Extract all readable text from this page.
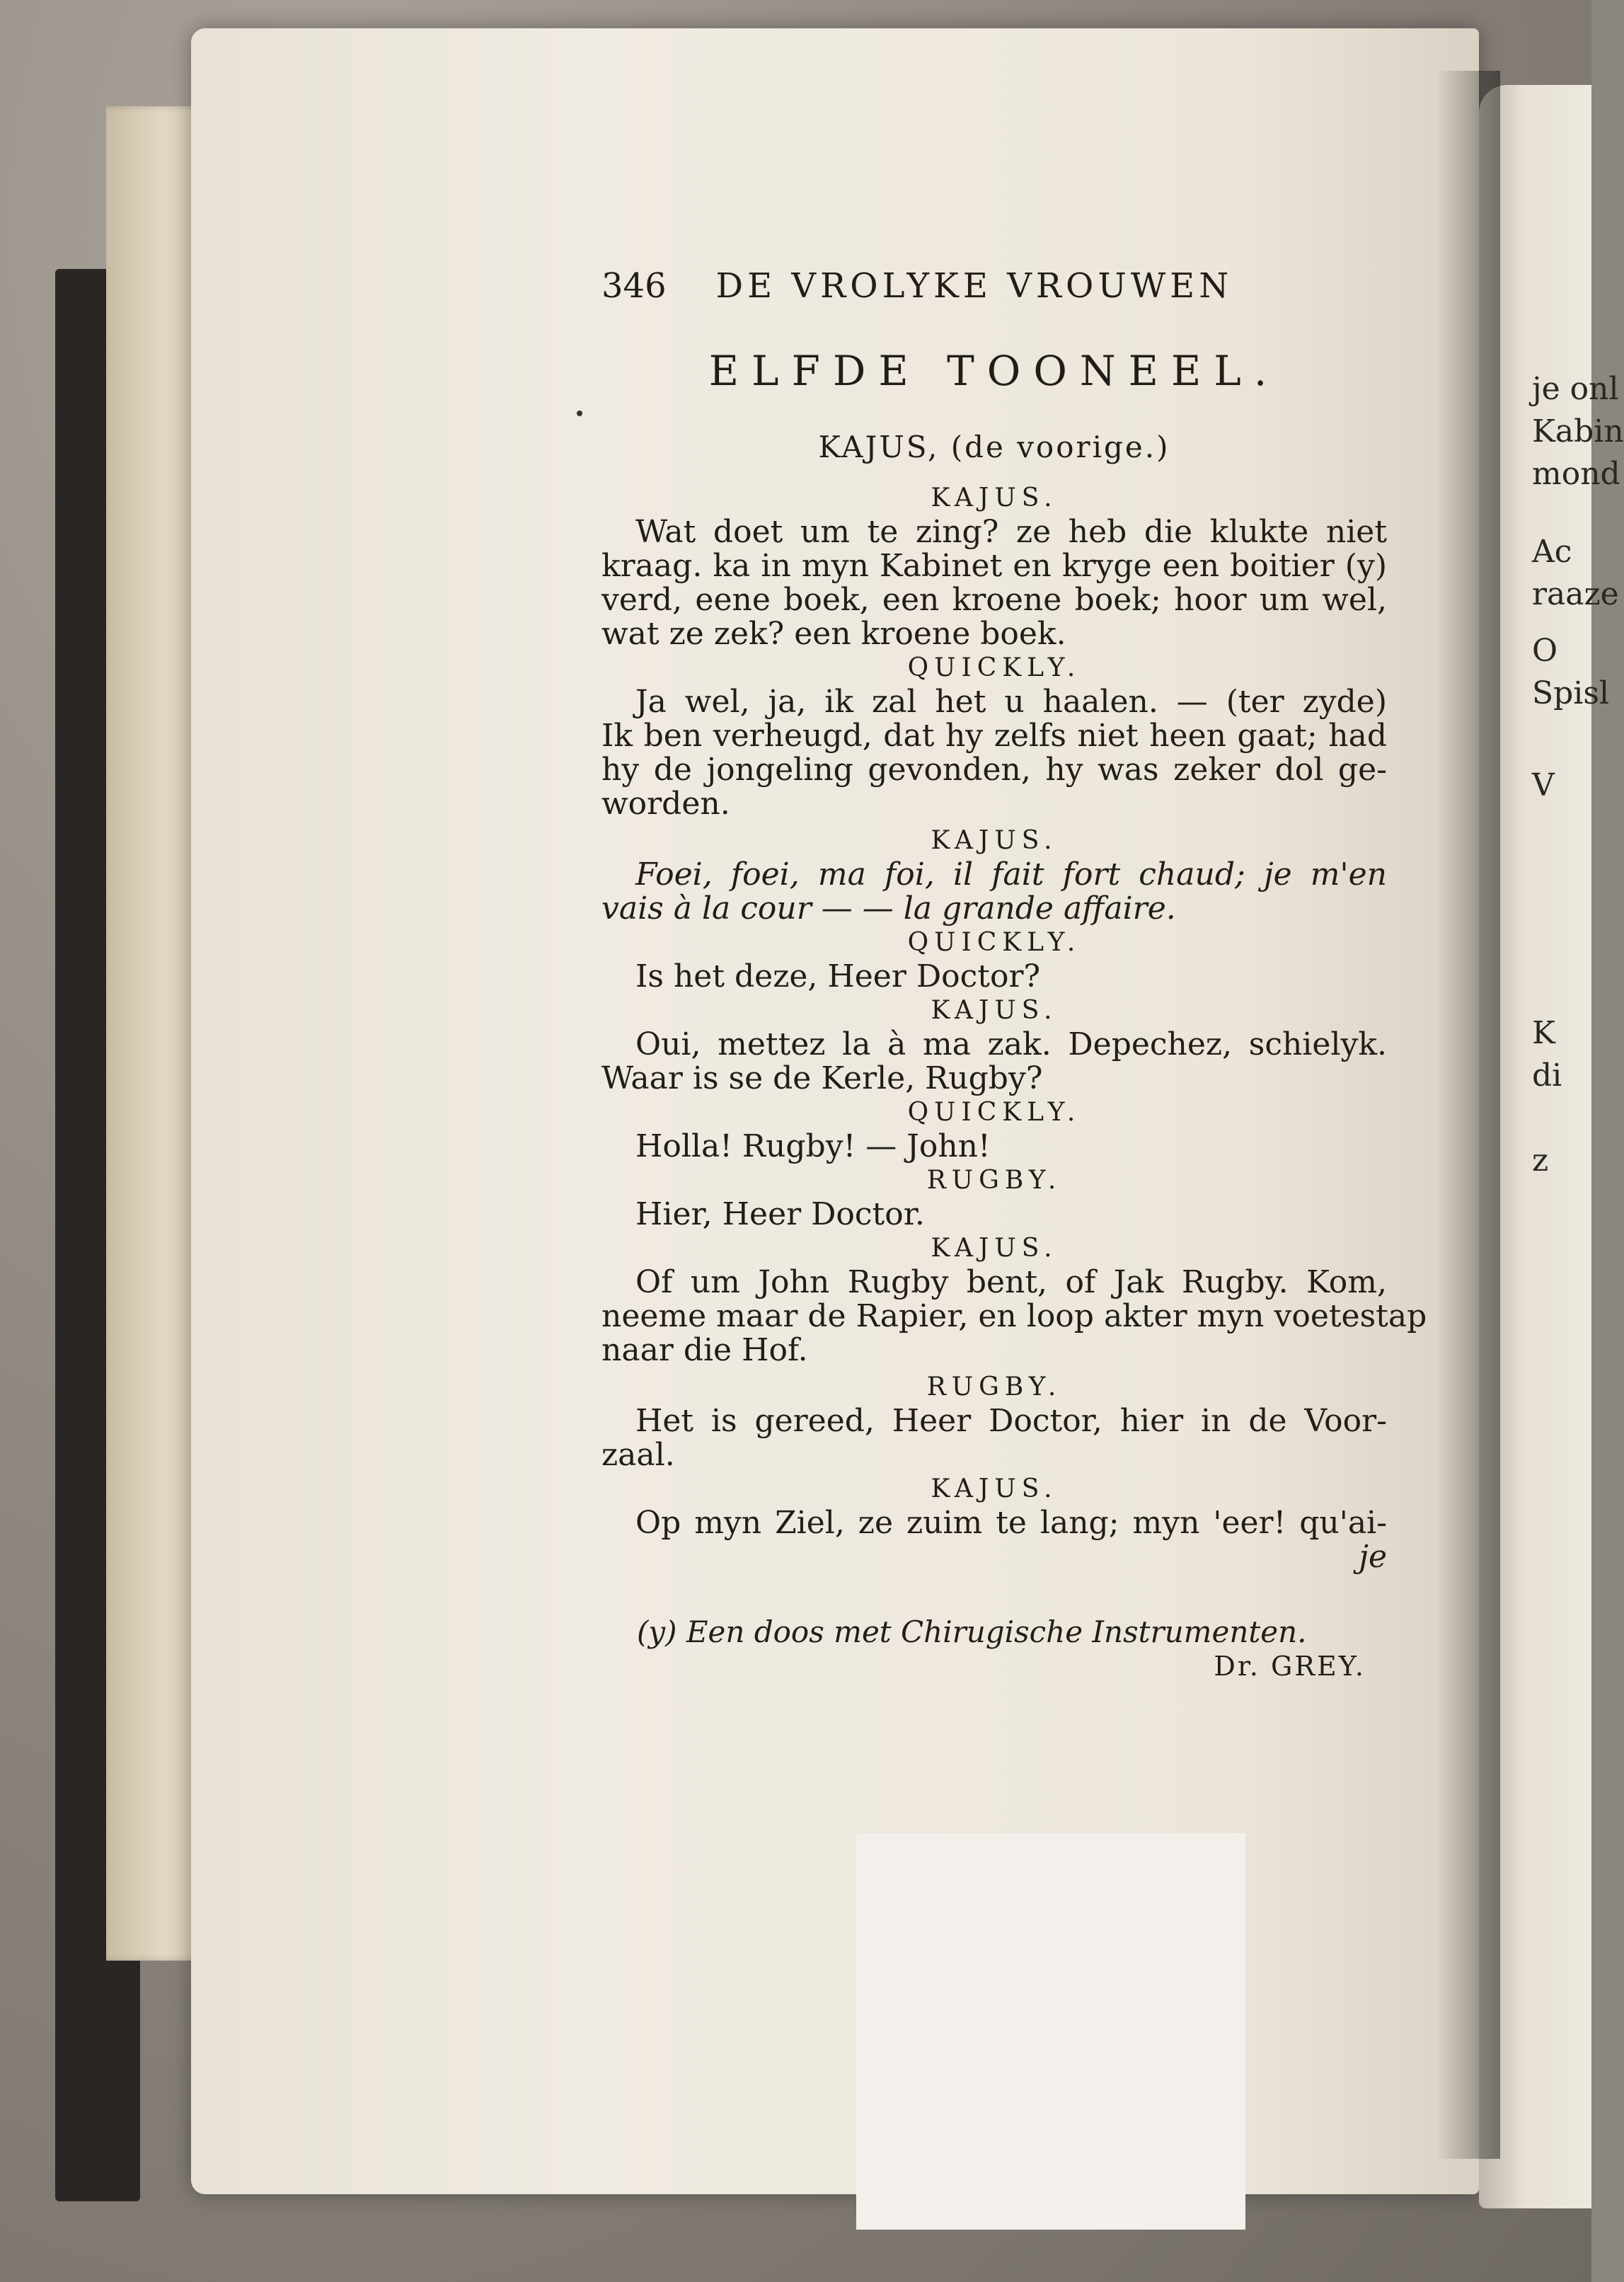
je onl
Kabin
mond
Ac
raaze
O
Spisl
V
K
di
z
346 DE VROLYKE VROUWEN
ELFDE TOONEEL.
KAJUS, (de voorige.)
KAJUS.
Wat doet um te zing? ze heb die klukte niet
kraag. ka in myn Kabinet en kryge een boitier (y)
verd, eene boek, een kroene boek; hoor um wel,
wat ze zek? een kroene boek.
QUICKLY.
Ja wel, ja, ik zal het u haalen. — (ter zyde)
Ik ben verheugd, dat hy zelfs niet heen gaat; had
hy de jongeling gevonden, hy was zeker dol ge-
worden.
KAJUS.
Foei, foei, ma foi, il fait fort chaud; je m'en
vais à la cour — — la grande affaire.
QUICKLY.
Is het deze, Heer Doctor?
KAJUS.
Oui, mettez la à ma zak. Depechez, schielyk.
Waar is se de Kerle, Rugby?
QUICKLY.
Holla! Rugby! — John!
RUGBY.
Hier, Heer Doctor.
KAJUS.
Of um John Rugby bent, of Jak Rugby. Kom,
neeme maar de Rapier, en loop akter myn voetestap
naar die Hof.
RUGBY.
Het is gereed, Heer Doctor, hier in de Voor-
zaal.
KAJUS.
Op myn Ziel, ze zuim te lang; myn 'eer! qu'ai-
je
(y) Een doos met Chirugische Instrumenten.
Dr. GREY.
